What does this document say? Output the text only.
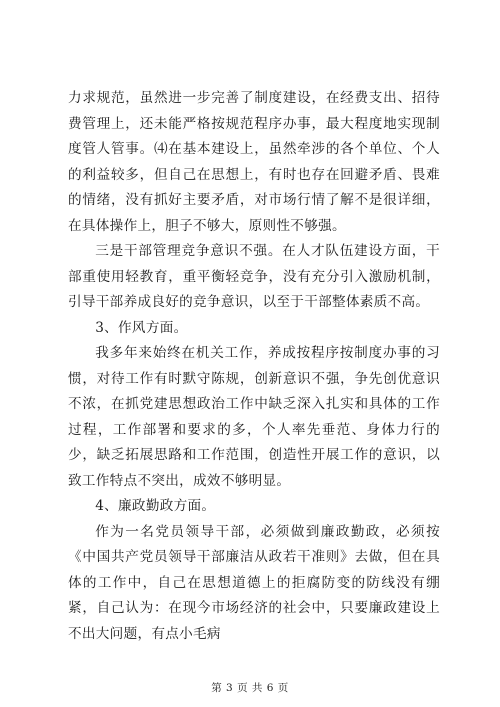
力求规范，虽然进一步完善了制度建设，在经费支出、招待费管理上，还未能严格按规范程序办事，最大程度地实现制度管人管事。⑷在基本建设上，虽然牵涉的各个单位、个人的利益较多，但自己在思想上，有时也存在回避矛盾、畏难的情绪，没有抓好主要矛盾，对市场行情了解不是很详细，在具体操作上，胆子不够大，原则性不够强。

三是干部管理竞争意识不强。在人才队伍建设方面，干部重使用轻教育，重平衡轻竞争，没有充分引入激励机制，引导干部养成良好的竞争意识，以至于干部整体素质不高。

3、作风方面。

我多年来始终在机关工作，养成按程序按制度办事的习惯，对待工作有时默守陈规，创新意识不强，争先创优意识不浓，在抓党建思想政治工作中缺乏深入扎实和具体的工作过程，工作部署和要求的多，个人率先垂范、身体力行的少，缺乏拓展思路和工作范围，创造性开展工作的意识，以致工作特点不突出，成效不够明显。

4、廉政勤政方面。

作为一名党员领导干部，必须做到廉政勤政，必须按《中国共产党员领导干部廉洁从政若干准则》去做，但在具体的工作中，自己在思想道德上的拒腐防变的防线没有绷紧，自己认为：在现今市场经济的社会中，只要廉政建设上不出大问题，有点小毛病

第 3 页 共 6 页
